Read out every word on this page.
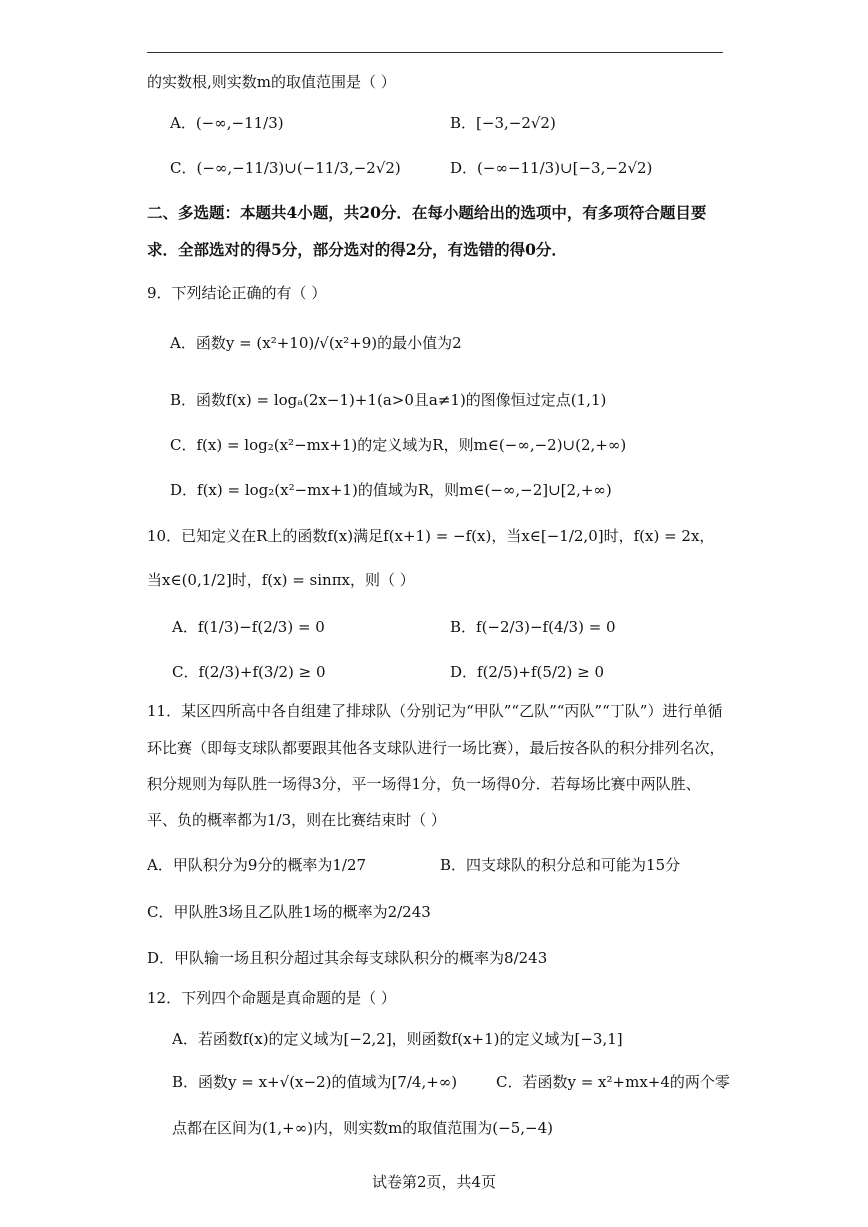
的实数根,则实数m的取值范围是（ ）
A．(−∞,−11/3)	B．[−3,−2√2)
C．(−∞,−11/3)∪(−11/3,−2√2)	D．(−∞−11/3)∪[−3,−2√2)
二、多选题：本题共4小题，共20分．在每小题给出的选项中，有多项符合题目要
求．全部选对的得5分，部分选对的得2分，有选错的得0分．
9．下列结论正确的有（ ）
A．函数y = (x²+10)/√(x²+9)的最小值为2
B．函数f(x) = logₐ(2x−1)+1(a>0且a≠1)的图像恒过定点(1,1)
C．f(x) = log₂(x²−mx+1)的定义域为R，则m∈(−∞,−2)∪(2,+∞)
D．f(x) = log₂(x²−mx+1)的值域为R，则m∈(−∞,−2]∪[2,+∞)
10．已知定义在R上的函数f(x)满足f(x+1) = −f(x)，当x∈[−1/2,0]时，f(x) = 2x，
当x∈(0,1/2]时，f(x) = sinπx，则（ ）
A．f(1/3)−f(2/3) = 0	B．f(−2/3)−f(4/3) = 0
C．f(2/3)+f(3/2) ≥ 0	D．f(2/5)+f(5/2) ≥ 0
11．某区四所高中各自组建了排球队（分别记为“甲队”“乙队”“丙队”“丁队”）进行单循
环比赛（即每支球队都要跟其他各支球队进行一场比赛），最后按各队的积分排列名次，
积分规则为每队胜一场得3分，平一场得1分，负一场得0分．若每场比赛中两队胜、
平、负的概率都为1/3，则在比赛结束时（ ）
A．甲队积分为9分的概率为1/27	B．四支球队的积分总和可能为15分
C．甲队胜3场且乙队胜1场的概率为2/243
D．甲队输一场且积分超过其余每支球队积分的概率为8/243
12．下列四个命题是真命题的是（ ）
A．若函数f(x)的定义域为[−2,2]，则函数f(x+1)的定义域为[−3,1]
B．函数y = x+√(x−2)的值域为[7/4,+∞)	C．若函数y = x²+mx+4的两个零
点都在区间为(1,+∞)内，则实数m的取值范围为(−5,−4)
试卷第2页，共4页
